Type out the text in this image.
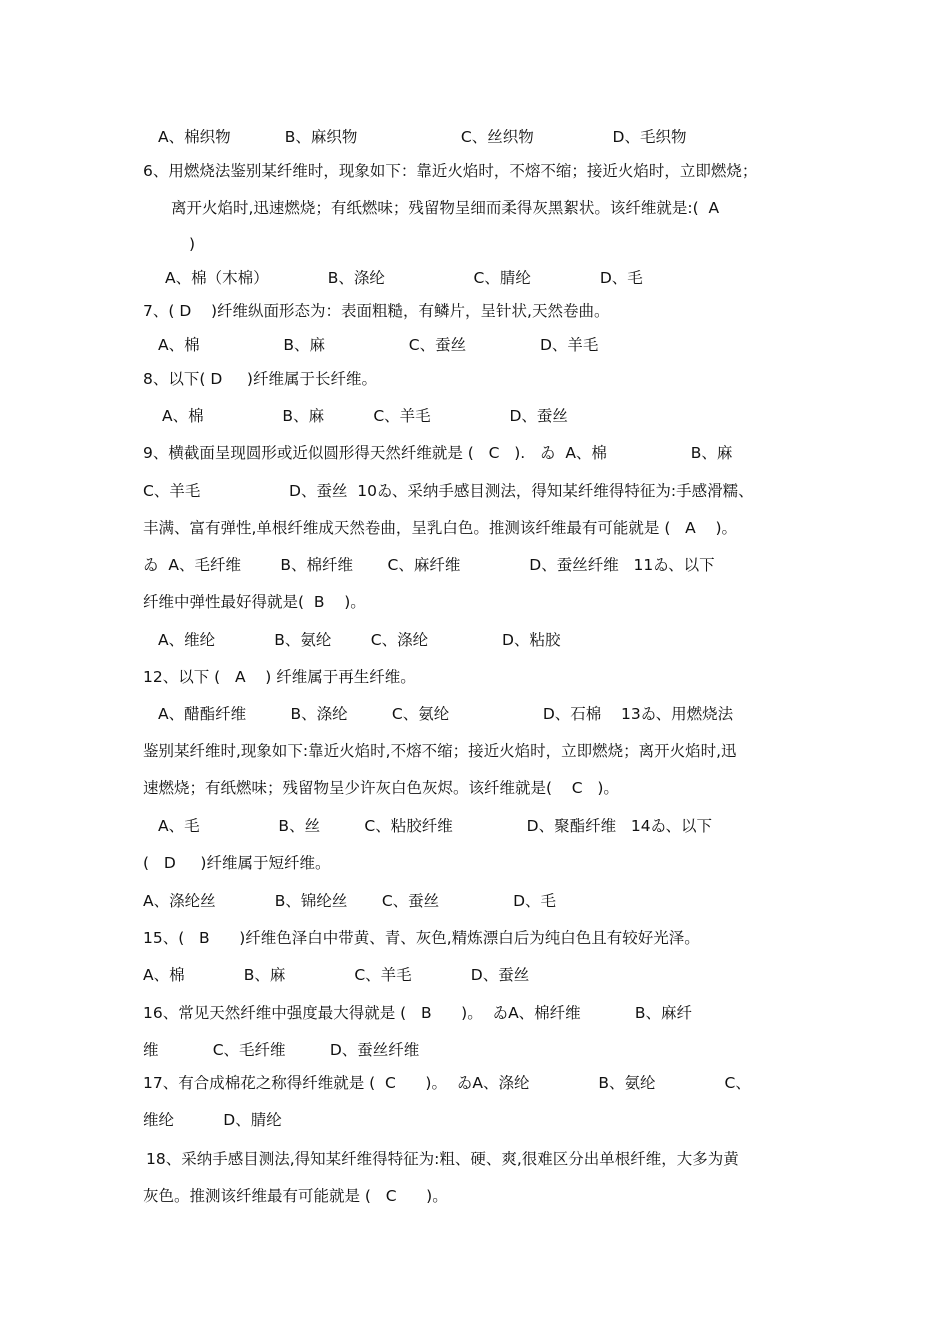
A、棉织物           B、麻织物                     C、丝织物                D、毛织物
6、用燃烧法鉴别某纤维时，现象如下：靠近火焰时，不熔不缩；接近火焰时，立即燃烧；
离开火焰时,迅速燃烧；有纸燃味；残留物呈细而柔得灰黑絮状。该纤维就是:(  A
)
A、棉（木棉）            B、涤纶                  C、腈纶              D、毛
7、( D    )纤维纵面形态为：表面粗糙，有鳞片，呈针状,天然卷曲。
A、棉                 B、麻                 C、蚕丝               D、羊毛
8、以下( D     )纤维属于长纤维。
A、棉                B、麻          C、羊毛                D、蚕丝
9、横截面呈现圆形或近似圆形得天然纤维就是 (   C   ).   ゐ  A、棉                 B、麻
C、羊毛                  D、蚕丝  10ゐ、采纳手感目测法，得知某纤维得特征为:手感滑糯、
丰满、富有弹性,单根纤维成天然卷曲，呈乳白色。推测该纤维最有可能就是 (   A    )。
ゐ  A、毛纤维        B、棉纤维       C、麻纤维              D、蚕丝纤维   11ゐ、以下
纤维中弹性最好得就是(  B    )。
A、维纶            B、氨纶        C、涤纶               D、粘胶
12、以下 (   A    ) 纤维属于再生纤维。
A、醋酯纤维         B、涤纶         C、氨纶                   D、石棉    13ゐ、用燃烧法
鉴别某纤维时,现象如下:靠近火焰时,不熔不缩；接近火焰时，立即燃烧；离开火焰时,迅
速燃烧；有纸燃味；残留物呈少许灰白色灰烬。该纤维就是(    C   )。
A、毛                B、丝         C、粘胶纤维               D、聚酯纤维   14ゐ、以下
(   D     )纤维属于短纤维。
A、涤纶丝            B、锦纶丝       C、蚕丝               D、毛
15、(   B      )纤维色泽白中带黄、青、灰色,精炼漂白后为纯白色且有较好光泽。
A、棉            B、麻              C、羊毛            D、蚕丝
16、常见天然纤维中强度最大得就是 (   B      )。  ゐA、棉纤维           B、麻纤
维           C、毛纤维         D、蚕丝纤维
17、有合成棉花之称得纤维就是 (  C      )。  ゐA、涤纶              B、氨纶              C、
维纶          D、腈纶
18、采纳手感目测法,得知某纤维得特征为:粗、硬、爽,很难区分出单根纤维，大多为黄
灰色。推测该纤维最有可能就是 (   C      )。
